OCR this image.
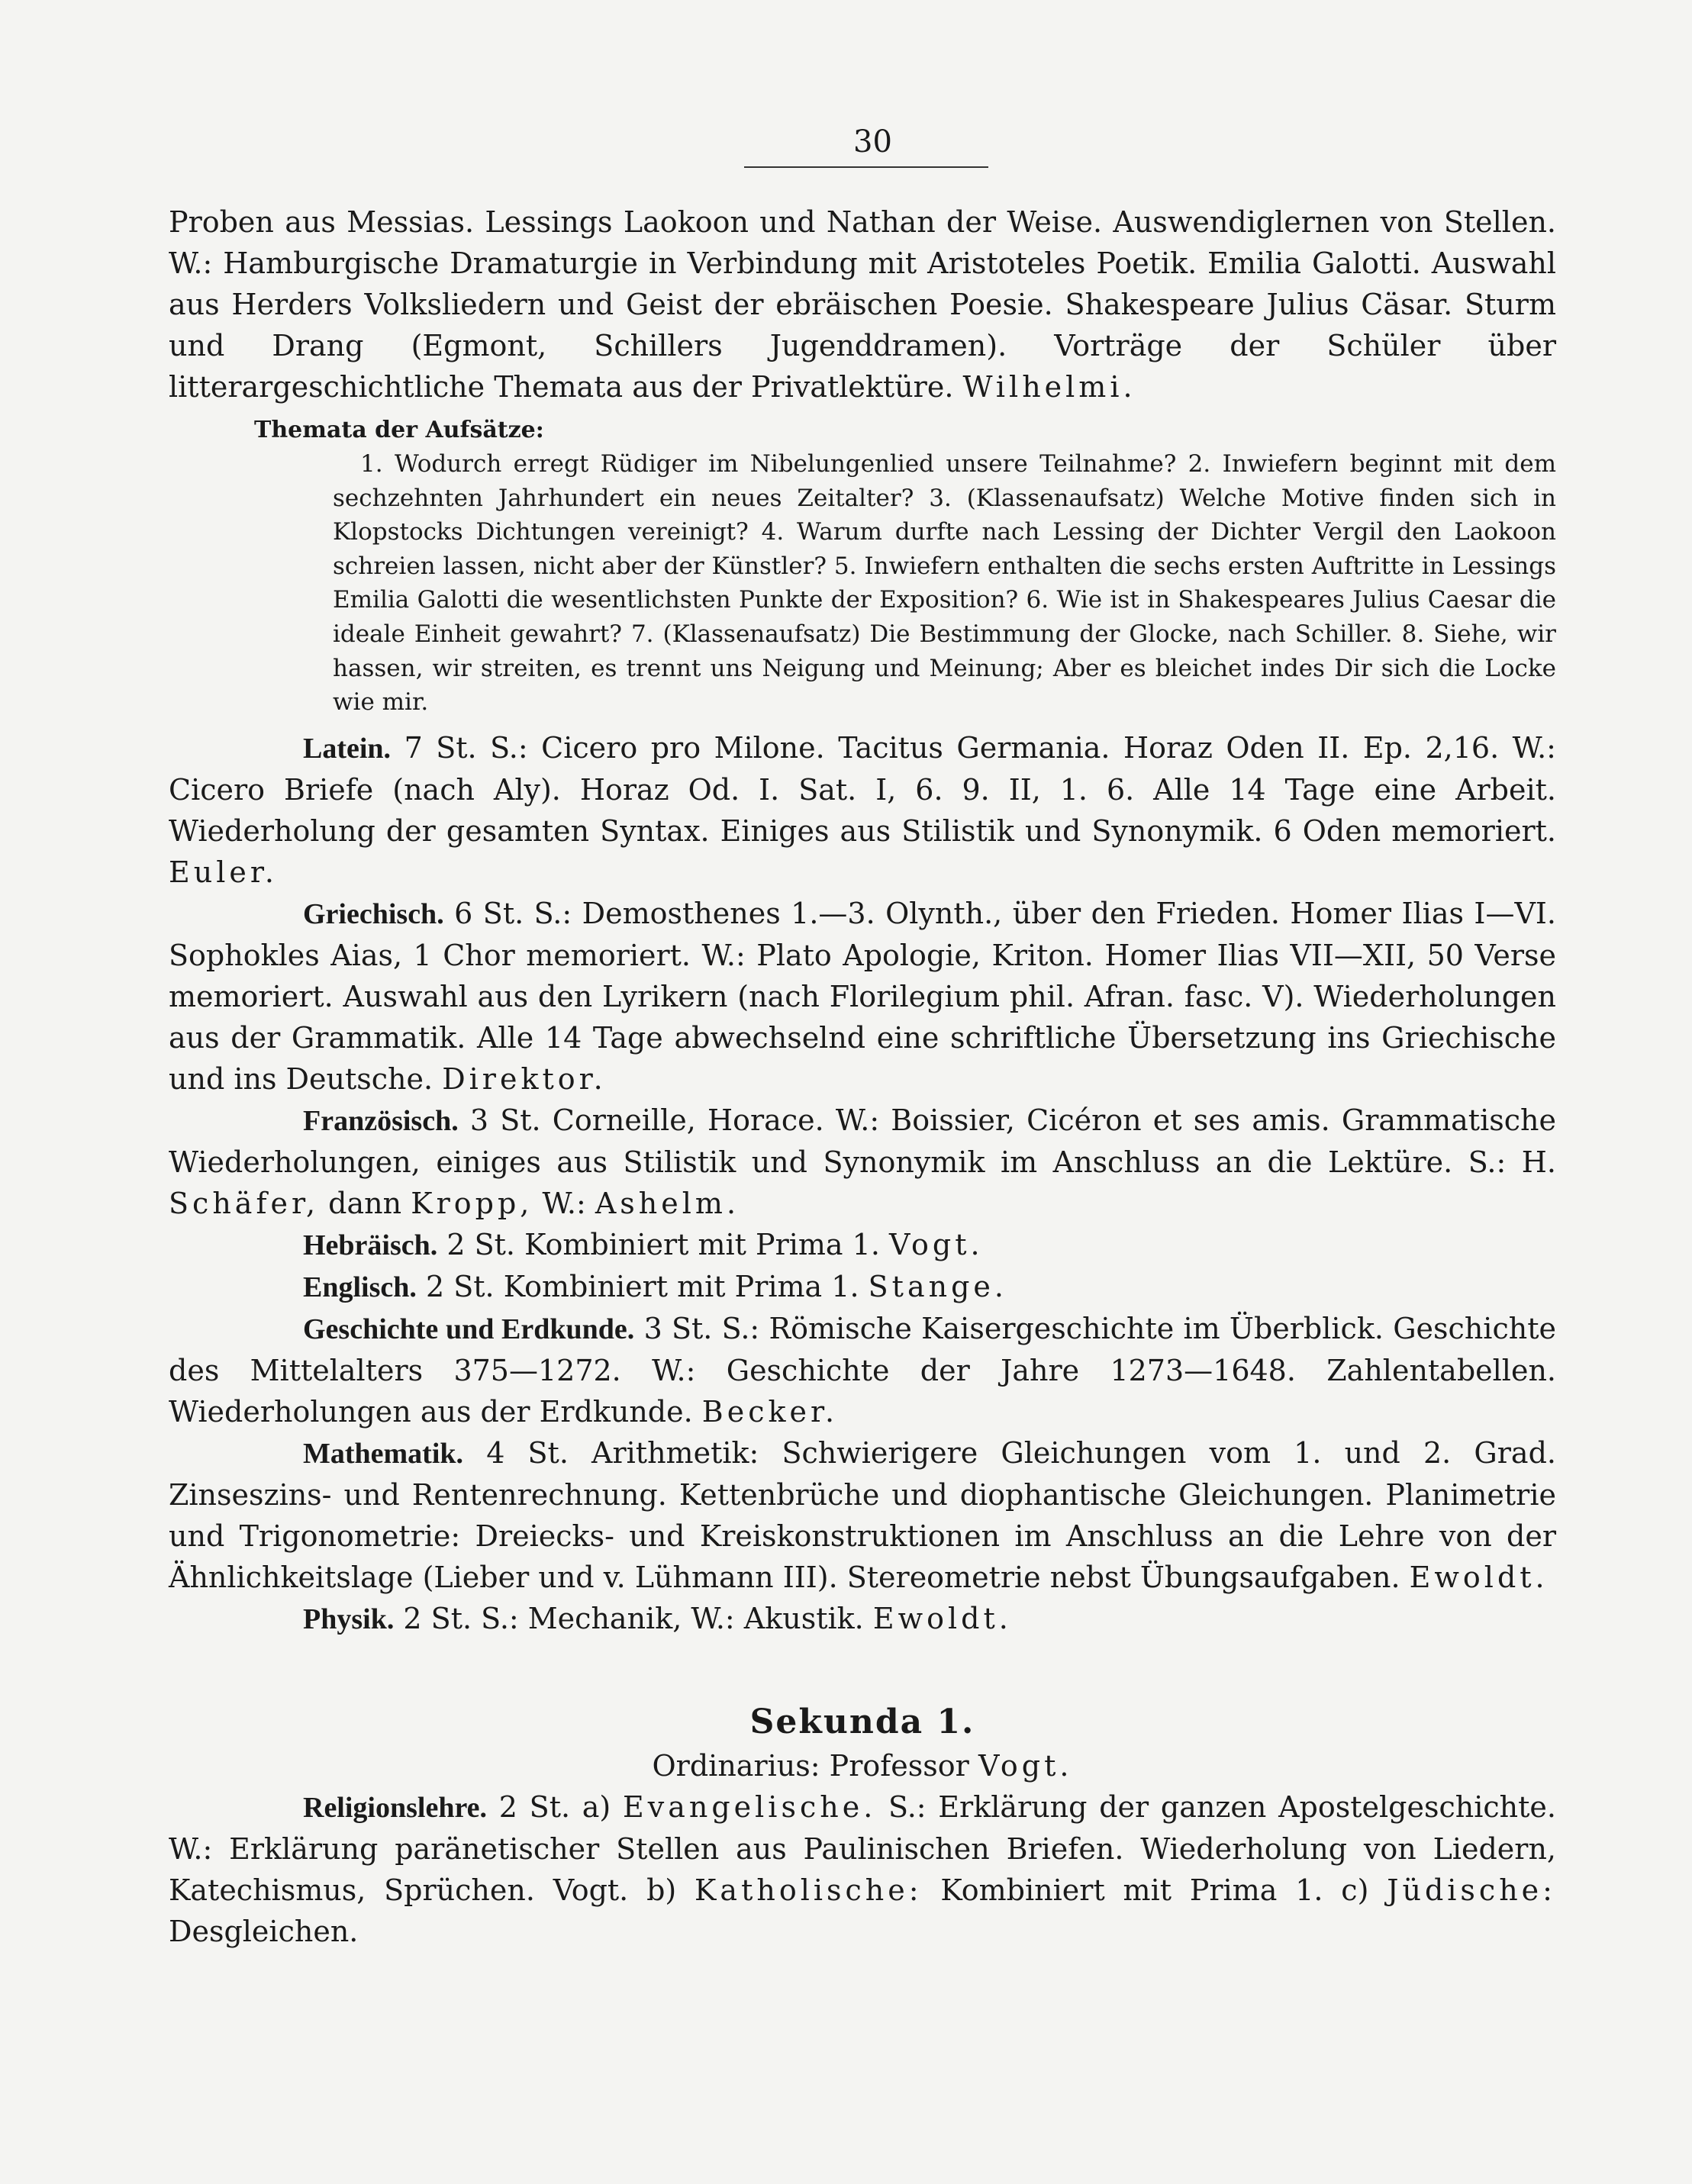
30

Proben aus Messias. Lessings Laokoon und Nathan der Weise. Auswendiglernen von Stellen. W.: Hamburgische Dramaturgie in Verbindung mit Aristoteles Poetik. Emilia Galotti. Auswahl aus Herders Volksliedern und Geist der ebräischen Poesie. Shakespeare Julius Cäsar. Sturm und Drang (Egmont, Schillers Jugenddramen). Vorträge der Schüler über litterargeschichtliche Themata aus der Privatlektüre. Wilhelmi.

Themata der Aufsätze:

1. Wodurch erregt Rüdiger im Nibelungenlied unsere Teilnahme? 2. Inwiefern beginnt mit dem sechzehnten Jahrhundert ein neues Zeitalter? 3. (Klassenaufsatz) Welche Motive finden sich in Klopstocks Dichtungen vereinigt? 4. Warum durfte nach Lessing der Dichter Vergil den Laokoon schreien lassen, nicht aber der Künstler? 5. Inwiefern enthalten die sechs ersten Auftritte in Lessings Emilia Galotti die wesentlichsten Punkte der Exposition? 6. Wie ist in Shakespeares Julius Caesar die ideale Einheit gewahrt? 7. (Klassenaufsatz) Die Bestimmung der Glocke, nach Schiller. 8. Siehe, wir hassen, wir streiten, es trennt uns Neigung und Meinung; Aber es bleichet indes Dir sich die Locke wie mir.

Latein. 7 St. S.: Cicero pro Milone. Tacitus Germania. Horaz Oden II. Ep. 2,16. W.: Cicero Briefe (nach Aly). Horaz Od. I. Sat. I, 6. 9. II, 1. 6. Alle 14 Tage eine Arbeit. Wiederholung der gesamten Syntax. Einiges aus Stilistik und Synonymik. 6 Oden memoriert. Euler.

Griechisch. 6 St. S.: Demosthenes 1.—3. Olynth., über den Frieden. Homer Ilias I—VI. Sophokles Aias, 1 Chor memoriert. W.: Plato Apologie, Kriton. Homer Ilias VII—XII, 50 Verse memoriert. Auswahl aus den Lyrikern (nach Florilegium phil. Afran. fasc. V). Wiederholungen aus der Grammatik. Alle 14 Tage abwechselnd eine schriftliche Übersetzung ins Griechische und ins Deutsche. Direktor.

Französisch. 3 St. Corneille, Horace. W.: Boissier, Cicéron et ses amis. Grammatische Wiederholungen, einiges aus Stilistik und Synonymik im Anschluss an die Lektüre. S.: H. Schäfer, dann Kropp, W.: Ashelm.

Hebräisch. 2 St. Kombiniert mit Prima 1. Vogt.

Englisch. 2 St. Kombiniert mit Prima 1. Stange.

Geschichte und Erdkunde. 3 St. S.: Römische Kaisergeschichte im Überblick. Geschichte des Mittelalters 375—1272. W.: Geschichte der Jahre 1273—1648. Zahlentabellen. Wiederholungen aus der Erdkunde. Becker.

Mathematik. 4 St. Arithmetik: Schwierigere Gleichungen vom 1. und 2. Grad. Zinseszins- und Rentenrechnung. Kettenbrüche und diophantische Gleichungen. Planimetrie und Trigonometrie: Dreiecks- und Kreiskonstruktionen im Anschluss an die Lehre von der Ähnlichkeitslage (Lieber und v. Lühmann III). Stereometrie nebst Übungsaufgaben. Ewoldt.

Physik. 2 St. S.: Mechanik, W.: Akustik. Ewoldt.

Sekunda 1.

Ordinarius: Professor Vogt.

Religionslehre. 2 St. a) Evangelische. S.: Erklärung der ganzen Apostelgeschichte. W.: Erklärung paränetischer Stellen aus Paulinischen Briefen. Wiederholung von Liedern, Katechismus, Sprüchen. Vogt. b) Katholische: Kombiniert mit Prima 1. c) Jüdische: Desgleichen.
